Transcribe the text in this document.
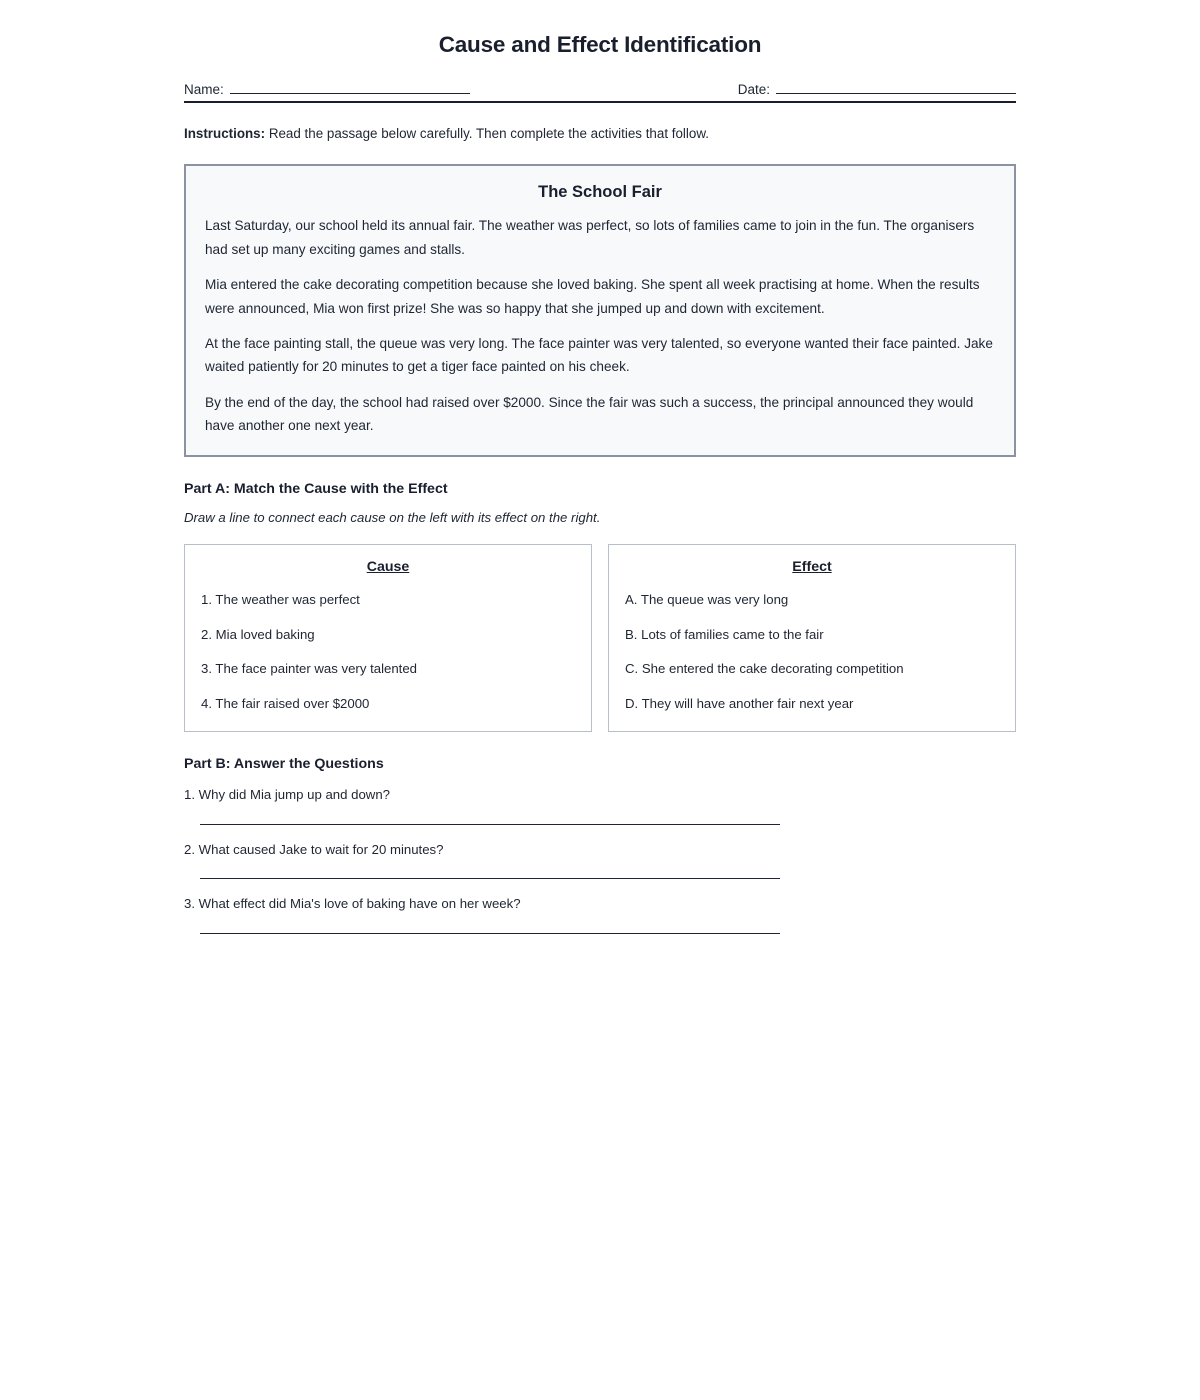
Cause and Effect Identification
Name:	Date:
Instructions: Read the passage below carefully. Then complete the activities that follow.
The School Fair

Last Saturday, our school held its annual fair. The weather was perfect, so lots of families came to join in the fun. The organisers had set up many exciting games and stalls.

Mia entered the cake decorating competition because she loved baking. She spent all week practising at home. When the results were announced, Mia won first prize! She was so happy that she jumped up and down with excitement.

At the face painting stall, the queue was very long. The face painter was very talented, so everyone wanted their face painted. Jake waited patiently for 20 minutes to get a tiger face painted on his cheek.

By the end of the day, the school had raised over $2000. Since the fair was such a success, the principal announced they would have another one next year.

Part A: Match the Cause with the Effect
Draw a line to connect each cause on the left with its effect on the right.
Cause
1. The weather was perfect
2. Mia loved baking
3. The face painter was very talented
4. The fair raised over $2000
Effect
A. The queue was very long
B. Lots of families came to the fair
C. She entered the cake decorating competition
D. They will have another fair next year
Part B: Answer the Questions
1. Why did Mia jump up and down?
2. What caused Jake to wait for 20 minutes?
3. What effect did Mia's love of baking have on her week?
